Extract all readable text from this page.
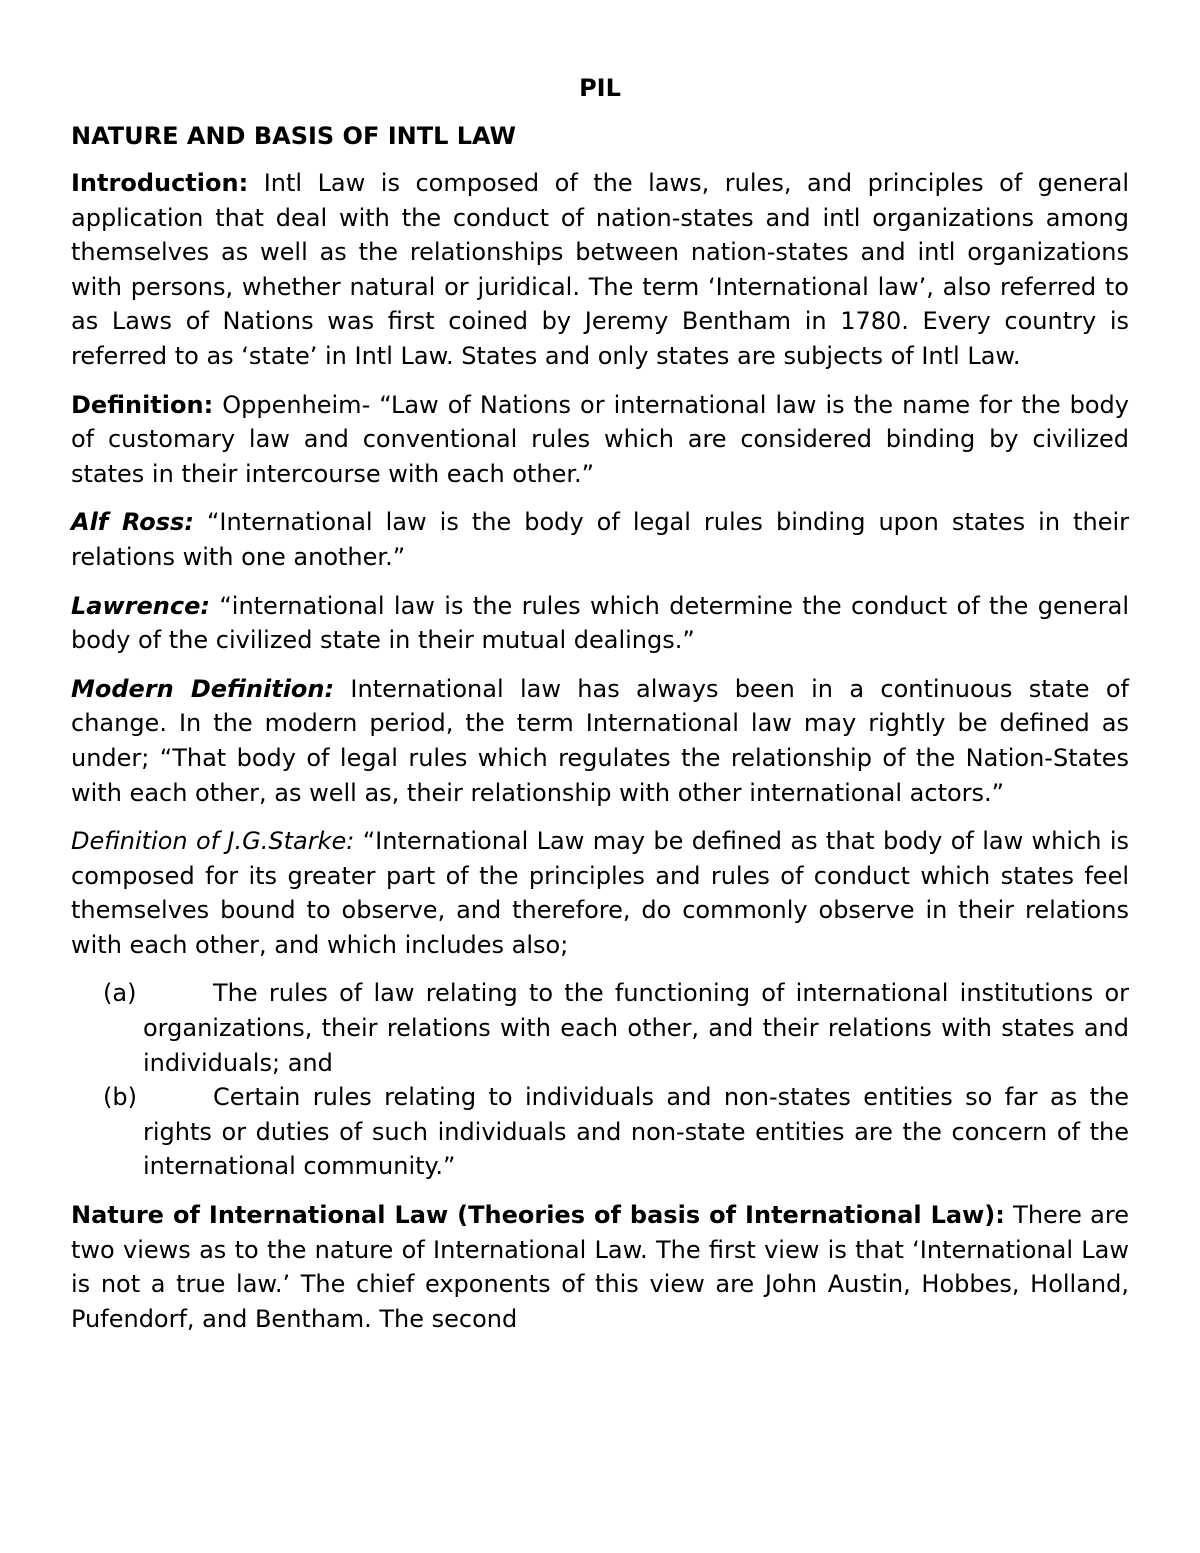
PIL
NATURE AND BASIS OF INTL LAW

Introduction: Intl Law is composed of the laws, rules, and principles of general application that deal with the conduct of nation-states and intl organizations among themselves as well as the relationships between nation-states and intl organizations with persons, whether natural or juridical. The term ‘International law’, also referred to as Laws of Nations was first coined by Jeremy Bentham in 1780. Every country is referred to as ‘state’ in Intl Law. States and only states are subjects of Intl Law.

Definition: Oppenheim- “Law of Nations or international law is the name for the body of customary law and conventional rules which are considered binding by civilized states in their intercourse with each other.”

Alf Ross: “International law is the body of legal rules binding upon states in their relations with one another.”

Lawrence: “international law is the rules which determine the conduct of the general body of the civilized state in their mutual dealings.”

Modern Definition: International law has always been in a continuous state of change. In the modern period, the term International law may rightly be defined as under; “That body of legal rules which regulates the relationship of the Nation-States with each other, as well as, their relationship with other international actors.”

Definition of J.G.Starke: “International Law may be defined as that body of law which is composed for its greater part of the principles and rules of conduct which states feel themselves bound to observe, and therefore, do commonly observe in their relations with each other, and which includes also;

(a)	The rules of law relating to the functioning of international institutions or organizations, their relations with each other, and their relations with states and individuals; and
(b)	Certain rules relating to individuals and non-states entities so far as the rights or duties of such individuals and non-state entities are the concern of the international community.”

Nature of International Law (Theories of basis of International Law): There are two views as to the nature of International Law. The first view is that ‘International Law is not a true law.’ The chief exponents of this view are John Austin, Hobbes, Holland, Pufendorf, and Bentham. The second
